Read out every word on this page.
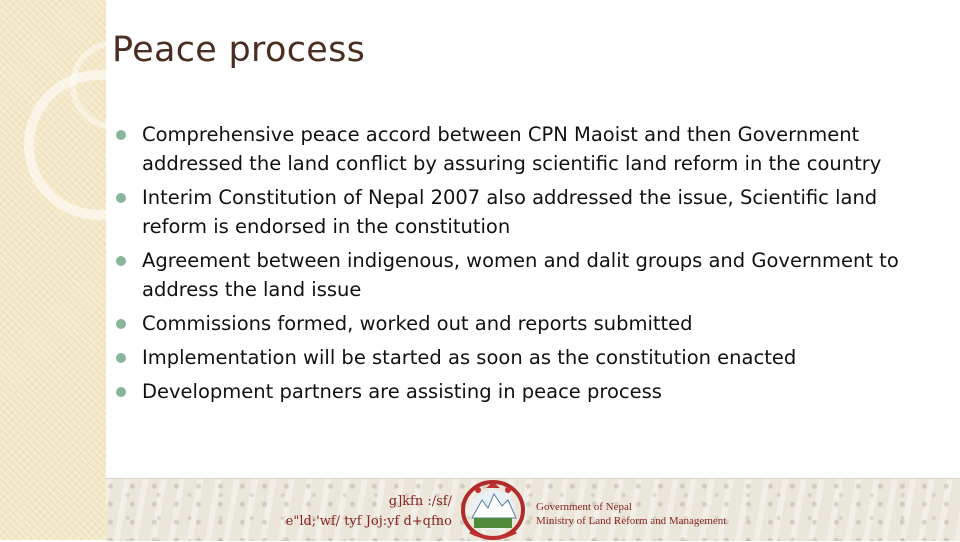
Peace process
Comprehensive peace accord between CPN Maoist and then Government addressed the land conflict by assuring scientific land reform in the country
Interim Constitution of Nepal 2007 also addressed the issue, Scientific land reform is endorsed in the constitution
Agreement between indigenous, women and dalit groups and Government to address the land issue
Commissions formed, worked out and reports submitted
Implementation will be started as soon as the constitution enacted
Development partners are assisting in peace process
g]kfn :/sf/
e"ld;'wf/ tyf Joj:yf d+qfno
Government of Nepal
Ministry of Land Reform and Management
